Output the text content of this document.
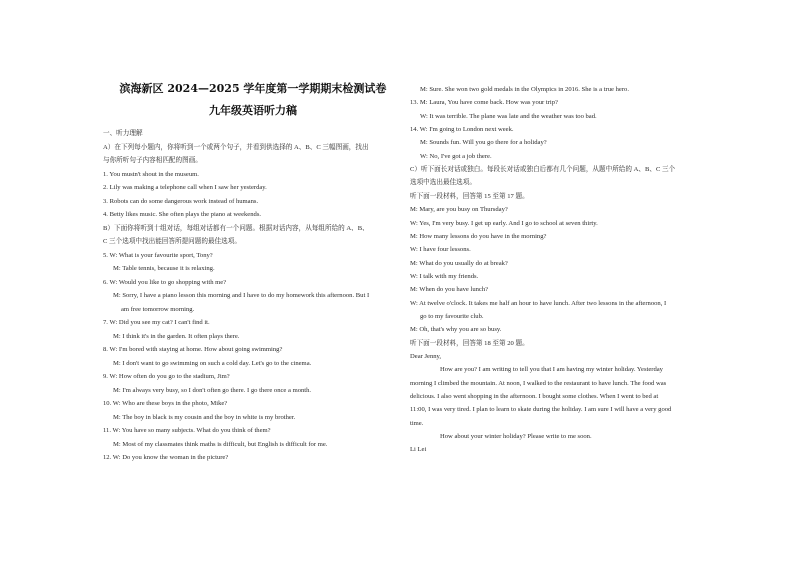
滨海新区 2024—2025 学年度第一学期期末检测试卷
九年级英语听力稿
一、听力理解
A）在下列每小题内，你将听到一个或两个句子，并看到供选择的 A、B、C 三幅图画，找出
与你所听句子内容相匹配的图画。
1. You mustn't shout in the museum.
2. Lily was making a telephone call when I saw her yesterday.
3. Robots can do some dangerous work instead of humans.
4. Betty likes music. She often plays the piano at weekends.
B）下面你将听到十组对话，每组对话都有一个问题。根据对话内容，从每组所给的 A、B、
C 三个选项中找出能回答所提问题的最佳选项。
5. W: What is your favourite sport, Tony?
M: Table tennis, because it is relaxing.
6. W: Would you like to go shopping with me?
M: Sorry, I have a piano lesson this morning and I have to do my homework this afternoon. But I
am free tomorrow morning.
7. W: Did you see my cat? I can't find it.
M: I think it's in the garden. It often plays there.
8. W: I'm bored with staying at home. How about going swimming?
M: I don't want to go swimming on such a cold day. Let's go to the cinema.
9. W: How often do you go to the stadium, Jim?
M: I'm always very busy, so I don't often go there. I go there once a month.
10. W: Who are these boys in the photo, Mike?
M: The boy in black is my cousin and the boy in white is my brother.
11. W: You have so many subjects. What do you think of them?
M: Most of my classmates think maths is difficult, but English is difficult for me.
12. W: Do you know the woman in the picture?
M: Sure. She won two gold medals in the Olympics in 2016. She is a true hero.
13. M: Laura, You have come back. How was your trip?
W: It was terrible. The plane was late and the weather was too bad.
14. W: I'm going to London next week.
M: Sounds fun. Will you go there for a holiday?
W: No, I've got a job there.
C）听下面长对话或独白。每段长对话或独白后都有几个问题，从题中所给的 A、B、C 三个
选项中选出最佳选项。
听下面一段材料，回答第 15 至第 17 题。
M: Mary, are you busy on Thursday?
W: Yes, I'm very busy. I get up early. And I go to school at seven thirty.
M: How many lessons do you have in the morning?
W: I have four lessons.
M: What do you usually do at break?
W: I talk with my friends.
M: When do you have lunch?
W: At twelve o'clock. It takes me half an hour to have lunch. After two lessons in the afternoon, I
go to my favourite club.
M: Oh, that's why you are so busy.
听下面一段材料，回答第 18 至第 20 题。
Dear Jenny,
How are you? I am writing to tell you that I am having my winter holiday. Yesterday
morning I climbed the mountain. At noon, I walked to the restaurant to have lunch. The food was
delicious. I also went shopping in the afternoon. I bought some clothes. When I went to bed at
11:00, I was very tired. I plan to learn to skate during the holiday. I am sure I will have a very good
time.
How about your winter holiday? Please write to me soon.
Li Lei
